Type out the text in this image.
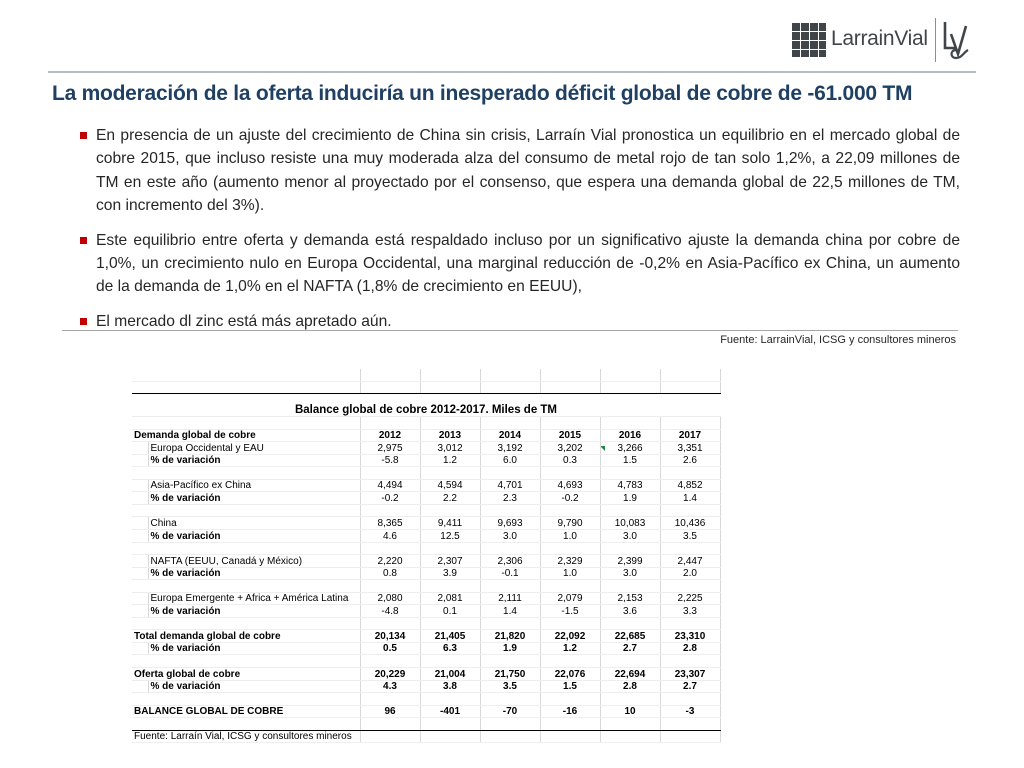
LarrainVial
La moderación de la oferta induciría un inesperado déficit global de cobre de -61.000 TM
En presencia de un ajuste del crecimiento de China sin crisis, Larraín Vial pronostica un equilibrio en el mercado global de cobre 2015, que incluso resiste una muy moderada alza del consumo de metal rojo de tan solo 1,2%, a 22,09 millones de TM en este año (aumento menor al proyectado por el consenso, que espera una demanda global de 22,5 millones de TM, con incremento del 3%).
Este equilibrio entre oferta y demanda está respaldado incluso por un significativo ajuste la demanda china por cobre de 1,0%, un crecimiento nulo en Europa Occidental, una marginal reducción de -0,2% en Asia-Pacífico ex China, un aumento de la demanda de 1,0% en el NAFTA (1,8% de crecimiento en EEUU),
El mercado dl zinc está más apretado aún.
Fuente: LarrainVial, ICSG y consultores mineros

Balance global de cobre 2012-2017. Miles de TM							

Demanda global de cobre		2012	2013	2014	2015	2016	2017
	Europa Occidental y EAU	2,975	3,012	3,192	3,202	3,266	3,351
	% de variación	-5.8	1.2	6.0	0.3	1.5	2.6

	Asia-Pacífico ex China	4,494	4,594	4,701	4,693	4,783	4,852
	% de variación	-0.2	2.2	2.3	-0.2	1.9	1.4

	China	8,365	9,411	9,693	9,790	10,083	10,436
	% de variación	4.6	12.5	3.0	1.0	3.0	3.5

	NAFTA (EEUU, Canadá y México)	2,220	2,307	2,306	2,329	2,399	2,447
	% de variación	0.8	3.9	-0.1	1.0	3.0	2.0

	Europa Emergente + Africa + América Latina	2,080	2,081	2,111	2,079	2,153	2,225
	% de variación	-4.8	0.1	1.4	-1.5	3.6	3.3

Total demanda global de cobre		20,134	21,405	21,820	22,092	22,685	23,310
	% de variación	0.5	6.3	1.9	1.2	2.7	2.8

Oferta global de cobre		20,229	21,004	21,750	22,076	22,694	23,307
	% de variación	4.3	3.8	3.5	1.5	2.8	2.7

BALANCE GLOBAL DE COBRE		96	-401	-70	-16	10	-3

Fuente: Larraín Vial, ICSG y consultores mineros							
